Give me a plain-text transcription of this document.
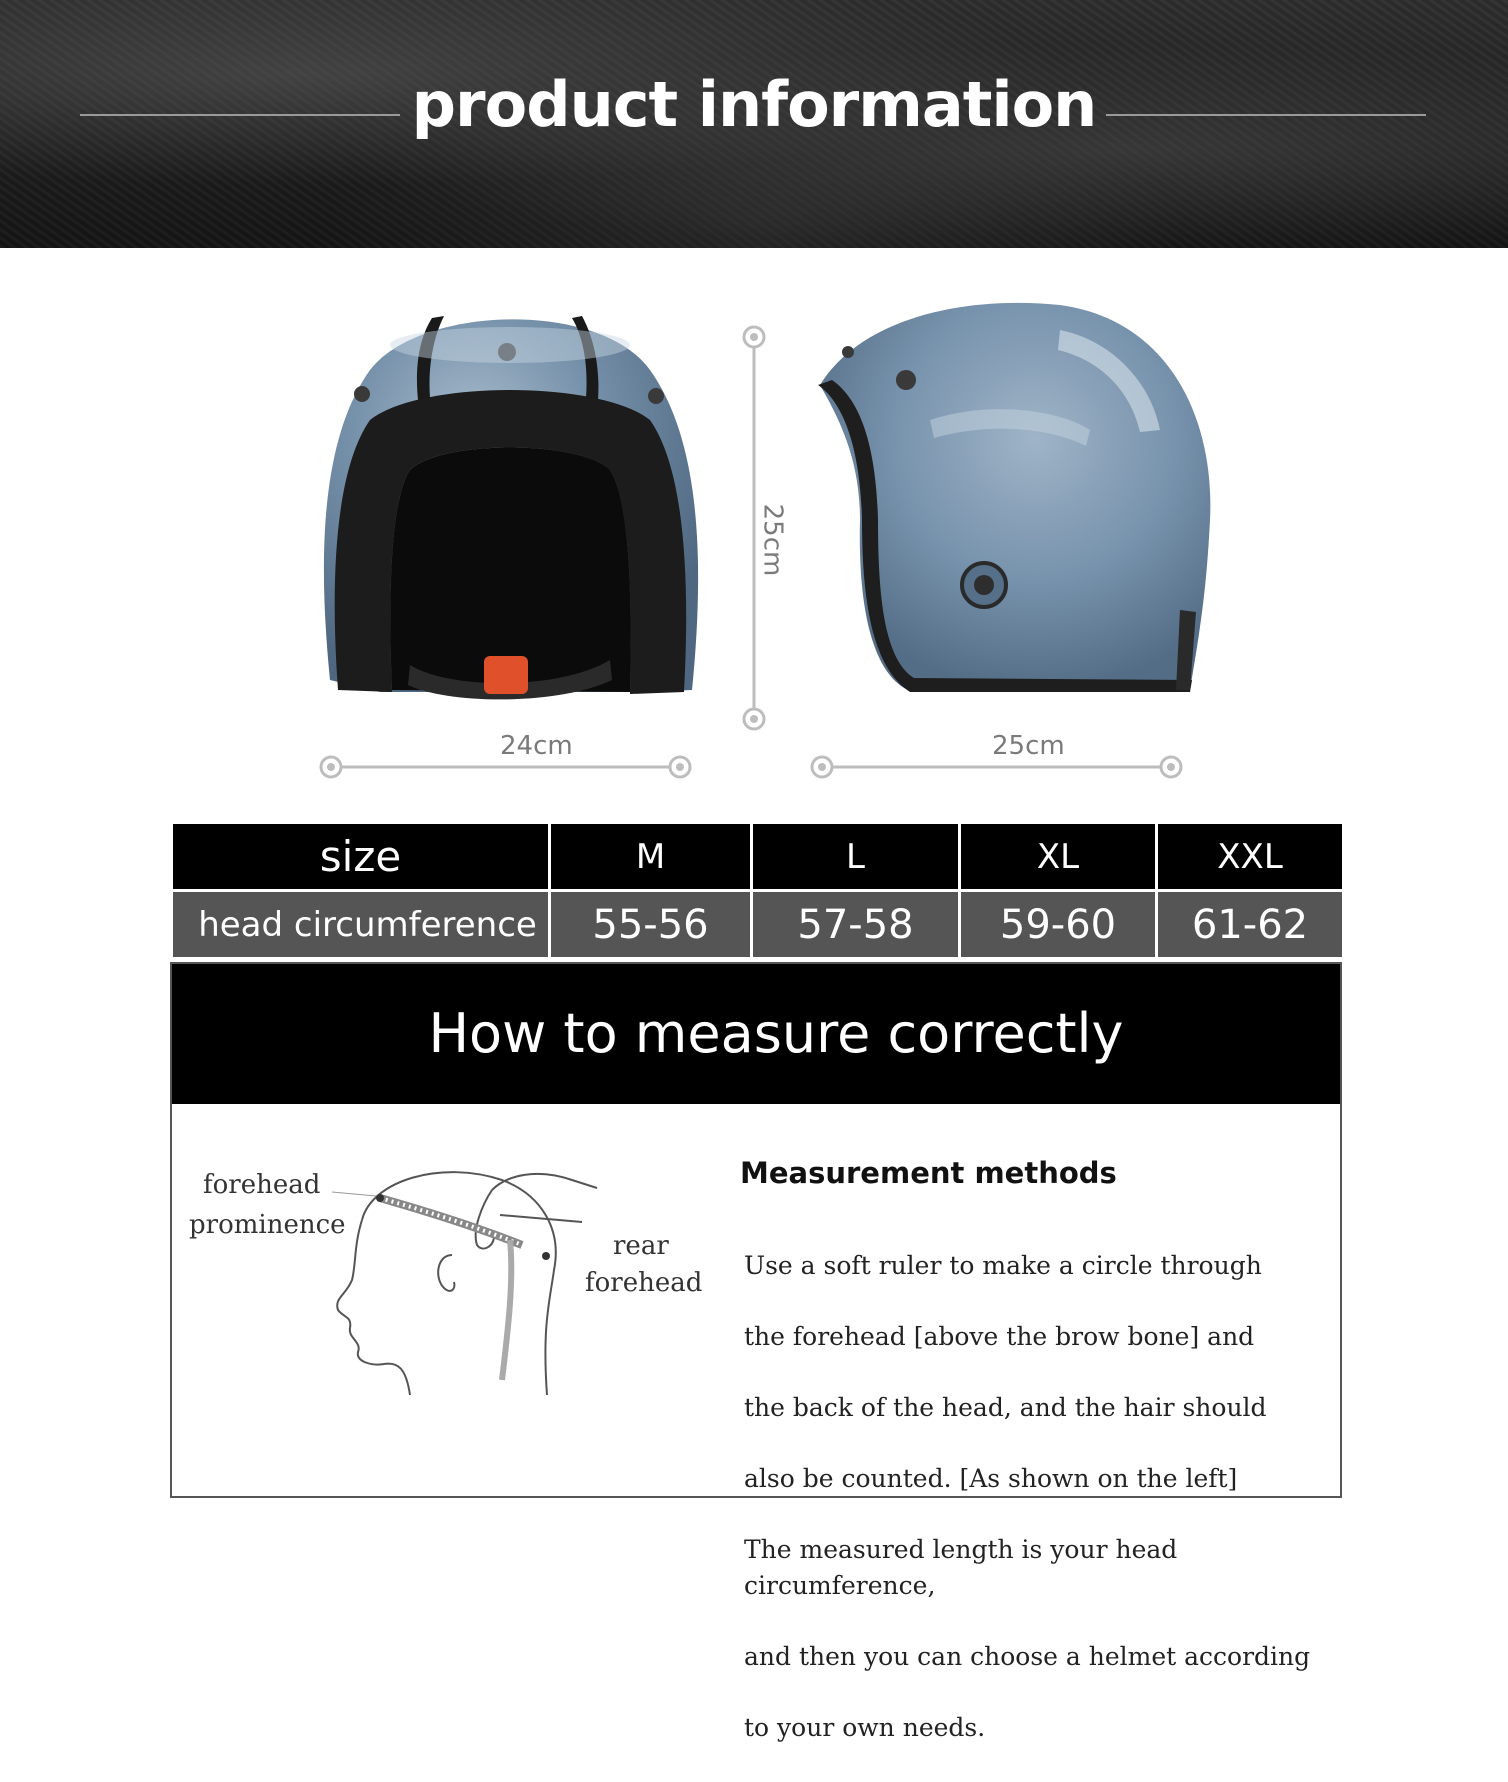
product information
24cm	25cm
25cm
size	M	L	XL	XXL
head circumference	55-56	57-58	59-60	61-62
How to measure correctly
forehead
prominence
rear
forehead
Measurement methods

Use a soft ruler to make a circle through

the forehead [above the brow bone] and

the back of the head, and the hair should

also be counted. [As shown on the left]

The measured length is your head circumference,

and then you can choose a helmet according

to your own needs.
